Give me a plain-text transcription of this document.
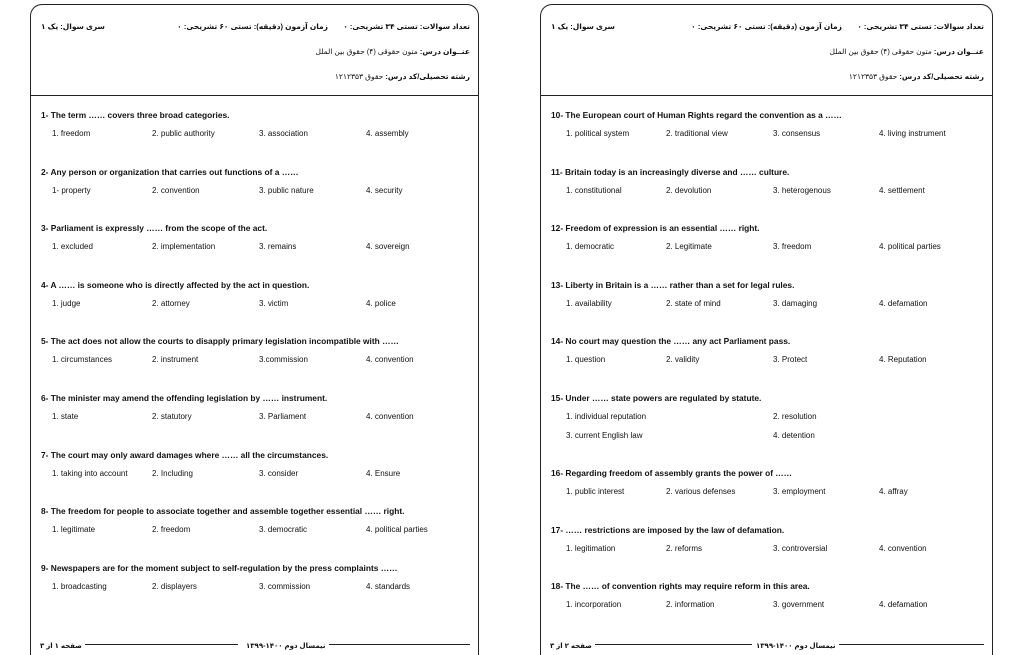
تعداد سوالات: تستی ۳۴ تشریحی: ۰
زمان آزمون (دقیقه): تستی ۶۰ تشریحی: ۰
سری سوال: یک ۱
عنــوان درس: متون حقوقی (۴) حقوق بین الملل
رشته تحصیلی/کد درس: حقوق ۱۲۱۲۳۵۳
1- The term …… covers three broad categories.
1. freedom	2. public authority	3. association	4. assembly
2- Any person or organization that carries out functions of a ……
1- property	2. convention	3. public nature	4. security
3- Parliament is expressly …… from the scope of the act.
1. excluded	2. implementation	3. remains	4. sovereign
4- A …… is someone who is directly affected by the act in question.
1. judge	2. attorney	3. victim	4. police
5- The act does not allow the courts to disapply primary legislation incompatible with ……
1. circumstances	2. instrument	3.commission	4. convention
6- The minister may amend the offending legislation by …… instrument.
1. state	2. statutory	3. Parliament	4. convention
7- The court may only award damages where …… all the circumstances.
1. taking into account	2. Including	3. consider	4. Ensure
8- The freedom for people to associate together and assemble together essential …… right.
1. legitimate	2. freedom	3. democratic	4. political parties
9- Newspapers are for the moment subject to self-regulation by the press complaints ……
1. broadcasting	2. displayers	3. commission	4. standards
نیمسال دوم ۱۴۰۰-۱۳۹۹
صفحه ۱ از ۳
تعداد سوالات: تستی ۳۴ تشریحی: ۰
زمان آزمون (دقیقه): تستی ۶۰ تشریحی: ۰
سری سوال: یک ۱
عنــوان درس: متون حقوقی (۴) حقوق بین الملل
رشته تحصیلی/کد درس: حقوق ۱۲۱۲۳۵۳
10- The European court of Human Rights regard the convention as a ……
1. political system	2. traditional view	3. consensus	4. living instrument
11- Britain today is an increasingly diverse and …… culture.
1. constitutional	2. devolution	3. heterogenous	4. settlement
12- Freedom of expression is an essential …… right.
1. democratic	2. Legitimate	3. freedom	4. political parties
13- Liberty in Britain is a …… rather than a set for legal rules.
1. availability	2. state of mind	3. damaging	4. defamation
14- No court may question the …… any act Parliament pass.
1. question	2. validity	3. Protect	4. Reputation
15- Under …… state powers are regulated by statute.
1. individual reputation	2. resolution
3. current English law	4. detention
16- Regarding freedom of assembly grants the power of ……
1. public interest	2. various defenses	3. employment	4. affray
17- …… restrictions are imposed by the law of defamation.
1. legitimation	2. reforms	3. controversial	4. convention
18- The …… of convention rights may require reform in this area.
1. incorporation	2. information	3. government	4. defamation
نیمسال دوم ۱۴۰۰-۱۳۹۹
صفحه ۲ از ۳
